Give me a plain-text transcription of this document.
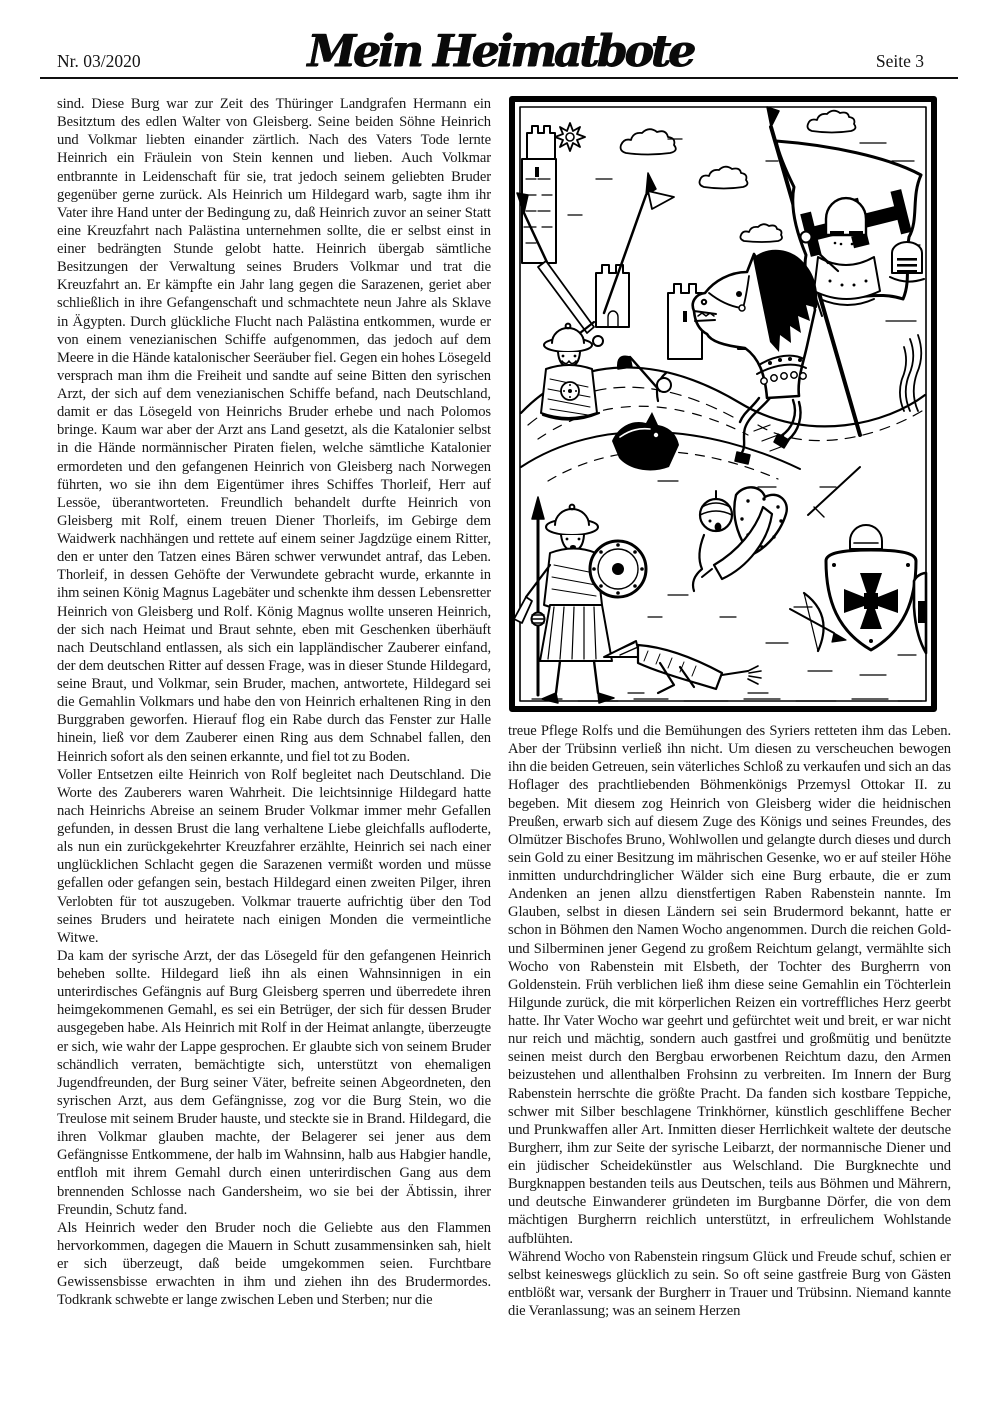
Nr. 03/2020	Mein Heimatbote	Seite 3

sind. Diese Burg war zur Zeit des Thüringer Landgrafen Hermann ein Besitztum des edlen Walter von Gleisberg. Seine beiden Söhne Heinrich und Volkmar liebten einander zärtlich. Nach des Vaters Tode lernte Heinrich ein Fräulein von Stein kennen und lieben. Auch Volkmar entbrannte in Leidenschaft für sie, trat jedoch seinem geliebten Bruder gegenüber gerne zurück. Als Heinrich um Hildegard warb, sagte ihm ihr Vater ihre Hand unter der Bedingung zu, daß Heinrich zuvor an seiner Statt eine Kreuzfahrt nach Palästina unternehmen sollte, die er selbst einst in einer bedrängten Stunde gelobt hatte. Heinrich übergab sämtliche Besitzungen der Verwaltung seines Bruders Volkmar und trat die Kreuzfahrt an. Er kämpfte ein Jahr lang gegen die Sarazenen, geriet aber schließlich in ihre Gefangenschaft und schmachtete neun Jahre als Sklave in Ägypten. Durch glückliche Flucht nach Palästina entkommen, wurde er von einem venezianischen Schiffe aufgenommen, das jedoch auf dem Meere in die Hände katalonischer Seeräuber fiel. Gegen ein hohes Lösegeld versprach man ihm die Freiheit und sandte auf seine Bitten den syrischen Arzt, der sich auf dem venezianischen Schiffe befand, nach Deutschland, damit er das Lösegeld von Heinrichs Bruder erhebe und nach Polomos bringe. Kaum war aber der Arzt ans Land gesetzt, als die Katalonier selbst in die Hände normännischer Piraten fielen, welche sämtliche Katalonier ermordeten und den gefangenen Heinrich von Gleisberg nach Norwegen führten, wo sie ihn dem Eigentümer ihres Schiffes Thorleif, Herr auf Lessöe, überantworteten. Freundlich behandelt durfte Heinrich von Gleisberg mit Rolf, einem treuen Diener Thorleifs, im Gebirge dem Waidwerk nachhängen und rettete auf einem seiner Jagdzüge einem Ritter, den er unter den Tatzen eines Bären schwer verwundet antraf, das Leben. Thorleif, in dessen Gehöfte der Verwundete gebracht wurde, erkannte in ihm seinen König Magnus Lagebäter und schenkte ihm dessen Lebensretter Heinrich von Gleisberg und Rolf. König Magnus wollte unseren Heinrich, der sich nach Heimat und Braut sehnte, eben mit Geschenken überhäuft nach Deutschland entlassen, als sich ein lappländischer Zauberer einfand, der dem deutschen Ritter auf dessen Frage, was in dieser Stunde Hildegard, seine Braut, und Volkmar, sein Bruder, machen, antwortete, Hildegard sei die Gemahlin Volkmars und habe den von Heinrich erhaltenen Ring in den Burggraben geworfen. Hierauf flog ein Rabe durch das Fenster zur Halle hinein, ließ vor dem Zauberer einen Ring aus dem Schnabel fallen, den Heinrich sofort als den seinen erkannte, und fiel tot zu Boden.

Voller Entsetzen eilte Heinrich von Rolf begleitet nach Deutschland. Die Worte des Zauberers waren Wahrheit. Die leichtsinnige Hildegard hatte nach Heinrichs Abreise an seinem Bruder Volkmar immer mehr Gefallen gefunden, in dessen Brust die lang verhaltene Liebe gleichfalls aufloderte, als nun ein zurückgekehrter Kreuzfahrer erzählte, Heinrich sei nach einer unglücklichen Schlacht gegen die Sarazenen vermißt worden und müsse gefallen oder gefangen sein, bestach Hildegard einen zweiten Pilger, ihren Verlobten für tot auszugeben. Volkmar trauerte aufrichtig über den Tod seines Bruders und heiratete nach einigen Monden die vermeintliche Witwe.

Da kam der syrische Arzt, der das Lösegeld für den gefangenen Heinrich beheben sollte. Hildegard ließ ihn als einen Wahnsinnigen in ein unterirdisches Gefängnis auf Burg Gleisberg sperren und überredete ihren heimgekommenen Gemahl, es sei ein Betrüger, der sich für dessen Bruder ausgegeben habe. Als Heinrich mit Rolf in der Heimat anlangte, überzeugte er sich, wie wahr der Lappe gesprochen. Er glaubte sich von seinem Bruder schändlich verraten, bemächtigte sich, unterstützt von ehemaligen Jugendfreunden, der Burg seiner Väter, befreite seinen Abgeordneten, den syrischen Arzt, aus dem Gefängnisse, zog vor die Burg Stein, wo die Treulose mit seinem Bruder hauste, und steckte sie in Brand. Hildegard, die ihren Volkmar glauben machte, der Belagerer sei jener aus dem Gefängnisse Entkommene, der halb im Wahnsinn, halb aus Habgier handle, entfloh mit ihrem Gemahl durch einen unterirdischen Gang aus dem brennenden Schlosse nach Gandersheim, wo sie bei der Äbtissin, ihrer Freundin, Schutz fand.

Als Heinrich weder den Bruder noch die Geliebte aus den Flammen hervorkommen, dagegen die Mauern in Schutt zusammensinken sah, hielt er sich überzeugt, daß beide umgekommen seien. Furchtbare Gewissensbisse erwachten in ihm und ziehen ihn des Brudermordes. Todkrank schwebte er lange zwischen Leben und Sterben; nur die

treue Pflege Rolfs und die Bemühungen des Syriers retteten ihm das Leben. Aber der Trübsinn verließ ihn nicht. Um diesen zu verscheuchen bewogen ihn die beiden Getreuen, sein väterliches Schloß zu verkaufen und sich an das Hoflager des prachtliebenden Böhmenkönigs Przemysl Ottokar II. zu begeben. Mit diesem zog Heinrich von Gleisberg wider die heidnischen Preußen, erwarb sich auf diesem Zuge des Königs und seines Freundes, des Olmützer Bischofes Bruno, Wohlwollen und gelangte durch dieses und durch sein Gold zu einer Besitzung im mährischen Gesenke, wo er auf steiler Höhe inmitten undurchdringlicher Wälder sich eine Burg erbaute, die er zum Andenken an jenen allzu dienstfertigen Raben Rabenstein nannte. Im Glauben, selbst in diesen Ländern sei sein Brudermord bekannt, hatte er schon in Böhmen den Namen Wocho angenommen. Durch die reichen Gold- und Silberminen jener Gegend zu großem Reichtum gelangt, vermählte sich Wocho von Rabenstein mit Elsbeth, der Tochter des Burgherrn von Goldenstein. Früh verblichen ließ ihm diese seine Gemahlin ein Töchterlein Hilgunde zurück, die mit körperlichen Reizen ein vortreffliches Herz geerbt hatte. Ihr Vater Wocho war geehrt und gefürchtet weit und breit, er war nicht nur reich und mächtig, sondern auch gastfrei und großmütig und benützte seinen meist durch den Bergbau erworbenen Reichtum dazu, den Armen beizustehen und allenthalben Frohsinn zu verbreiten. Im Innern der Burg Rabenstein herrschte die größte Pracht. Da fanden sich kostbare Teppiche, schwer mit Silber beschlagene Trinkhörner, künstlich geschliffene Becher und Prunkwaffen aller Art. Inmitten dieser Herrlichkeit waltete der deutsche Burgherr, ihm zur Seite der syrische Leibarzt, der normannische Diener und ein jüdischer Scheidekünstler aus Welschland. Die Burgknechte und Burgknappen bestanden teils aus Deutschen, teils aus Böhmen und Mährern, und deutsche Einwanderer gründeten im Burgbanne Dörfer, die von dem mächtigen Burgherrn reichlich unterstützt, in erfreulichem Wohlstande aufblühten.

Während Wocho von Rabenstein ringsum Glück und Freude schuf, schien er selbst keineswegs glücklich zu sein. So oft seine gastfreie Burg von Gästen entblößt war, versank der Burgherr in Trauer und Trübsinn. Niemand kannte die Veranlassung; was an seinem Herzen
